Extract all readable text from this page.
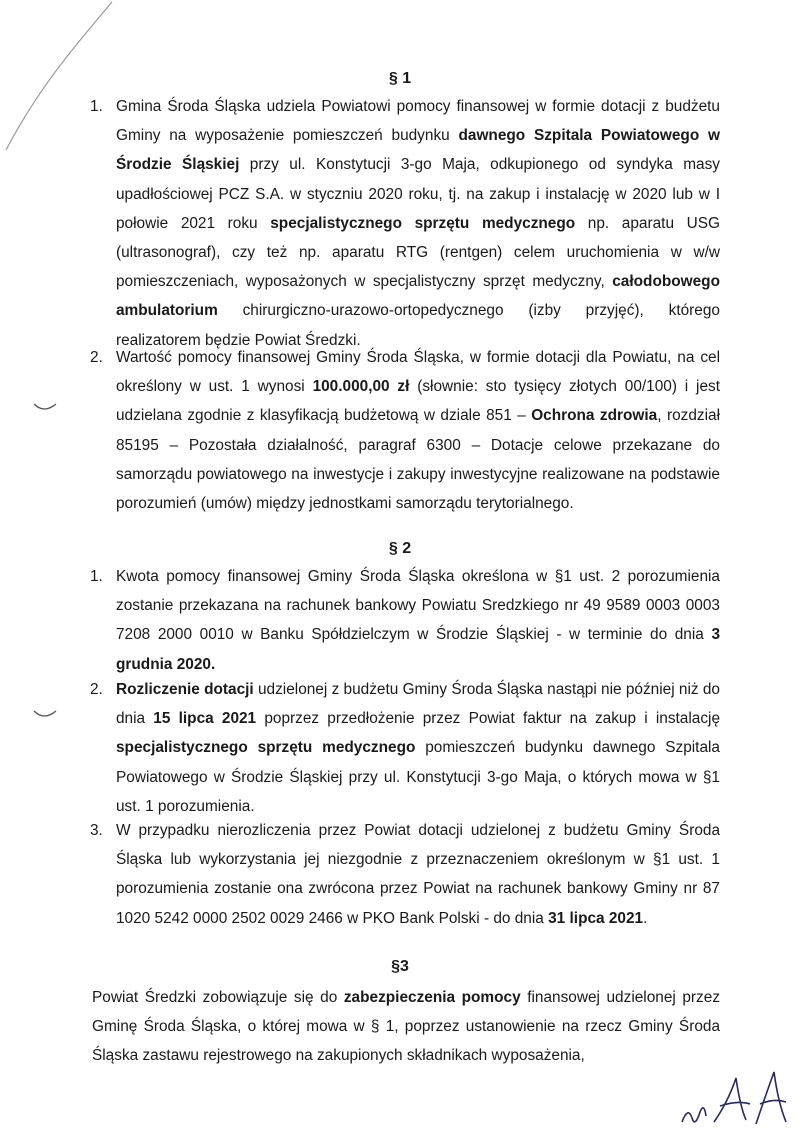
§ 1
1. Gmina Środa Śląska udziela Powiatowi pomocy finansowej w formie dotacji z budżetu Gminy na wyposażenie pomieszczeń budynku dawnego Szpitala Powiatowego w Środzie Śląskiej przy ul. Konstytucji 3-go Maja, odkupionego od syndyka masy upadłościowej PCZ S.A. w styczniu 2020 roku, tj. na zakup i instalację w 2020 lub w I połowie 2021 roku specjalistycznego sprzętu medycznego np. aparatu USG (ultrasonograf), czy też np. aparatu RTG (rentgen) celem uruchomienia w w/w pomieszczeniach, wyposażonych w specjalistyczny sprzęt medyczny, całodobowego ambulatorium chirurgiczno-urazowo-ortopedycznego (izby przyjęć), którego realizatorem będzie Powiat Średzki.
2. Wartość pomocy finansowej Gminy Środa Śląska, w formie dotacji dla Powiatu, na cel określony w ust. 1 wynosi 100.000,00 zł (słownie: sto tysięcy złotych 00/100) i jest udzielana zgodnie z klasyfikacją budżetową w dziale 851 – Ochrona zdrowia, rozdział 85195 – Pozostała działalność, paragraf 6300 – Dotacje celowe przekazane do samorządu powiatowego na inwestycje i zakupy inwestycyjne realizowane na podstawie porozumień (umów) między jednostkami samorządu terytorialnego.
§ 2
1. Kwota pomocy finansowej Gminy Środa Śląska określona w §1 ust. 2 porozumienia zostanie przekazana na rachunek bankowy Powiatu Sredzkiego nr 49 9589 0003 0003 7208 2000 0010 w Banku Spółdzielczym w Środzie Śląskiej - w terminie do dnia 3 grudnia 2020.
2. Rozliczenie dotacji udzielonej z budżetu Gminy Środa Śląska nastąpi nie później niż do dnia 15 lipca 2021 poprzez przedłożenie przez Powiat faktur na zakup i instalację specjalistycznego sprzętu medycznego pomieszczeń budynku dawnego Szpitala Powiatowego w Środzie Śląskiej przy ul. Konstytucji 3-go Maja, o których mowa w §1 ust. 1 porozumienia.
3. W przypadku nierozliczenia przez Powiat dotacji udzielonej z budżetu Gminy Środa Śląska lub wykorzystania jej niezgodnie z przeznaczeniem określonym w §1 ust. 1 porozumienia zostanie ona zwrócona przez Powiat na rachunek bankowy Gminy nr 87 1020 5242 0000 2502 0029 2466 w PKO Bank Polski - do dnia 31 lipca 2021.
§3
Powiat Średzki zobowiązuje się do zabezpieczenia pomocy finansowej udzielonej przez Gminę Środa Śląska, o której mowa w § 1, poprzez ustanowienie na rzecz Gminy Środa Śląska zastawu rejestrowego na zakupionych składnikach wyposażenia,
